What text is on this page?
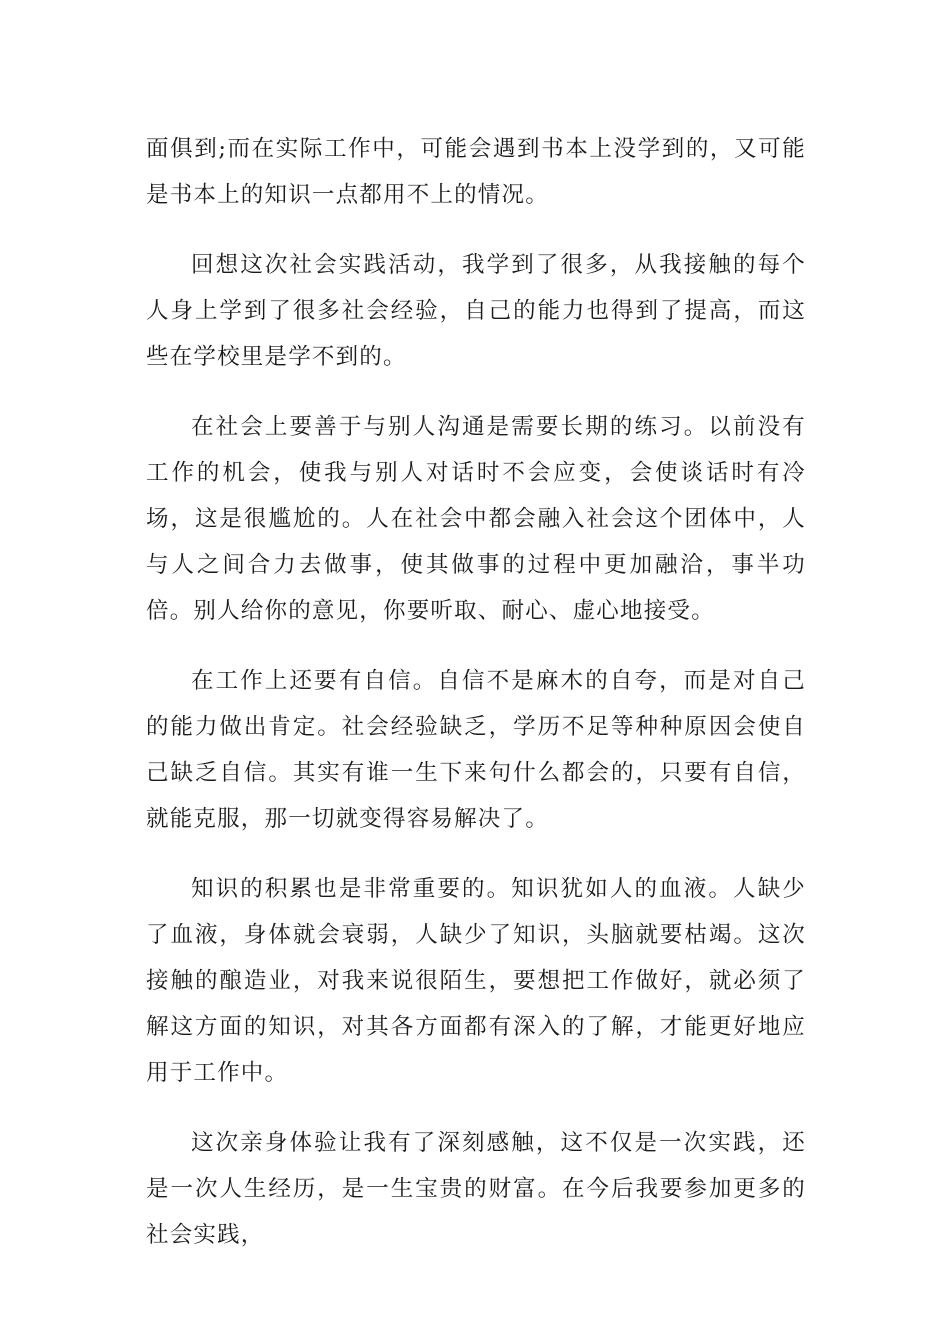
面俱到;而在实际工作中，可能会遇到书本上没学到的，又可能是书本上的知识一点都用不上的情况。

回想这次社会实践活动，我学到了很多，从我接触的每个人身上学到了很多社会经验，自己的能力也得到了提高，而这些在学校里是学不到的。

在社会上要善于与别人沟通是需要长期的练习。以前没有工作的机会，使我与别人对话时不会应变，会使谈话时有冷场，这是很尴尬的。人在社会中都会融入社会这个团体中，人与人之间合力去做事，使其做事的过程中更加融洽，事半功倍。别人给你的意见，你要听取、耐心、虚心地接受。

在工作上还要有自信。自信不是麻木的自夸，而是对自己的能力做出肯定。社会经验缺乏，学历不足等种种原因会使自己缺乏自信。其实有谁一生下来句什么都会的，只要有自信，就能克服，那一切就变得容易解决了。

知识的积累也是非常重要的。知识犹如人的血液。人缺少了血液，身体就会衰弱，人缺少了知识，头脑就要枯竭。这次接触的酿造业，对我来说很陌生，要想把工作做好，就必须了解这方面的知识，对其各方面都有深入的了解，才能更好地应用于工作中。

这次亲身体验让我有了深刻感触，这不仅是一次实践，还是一次人生经历，是一生宝贵的财富。在今后我要参加更多的社会实践，
